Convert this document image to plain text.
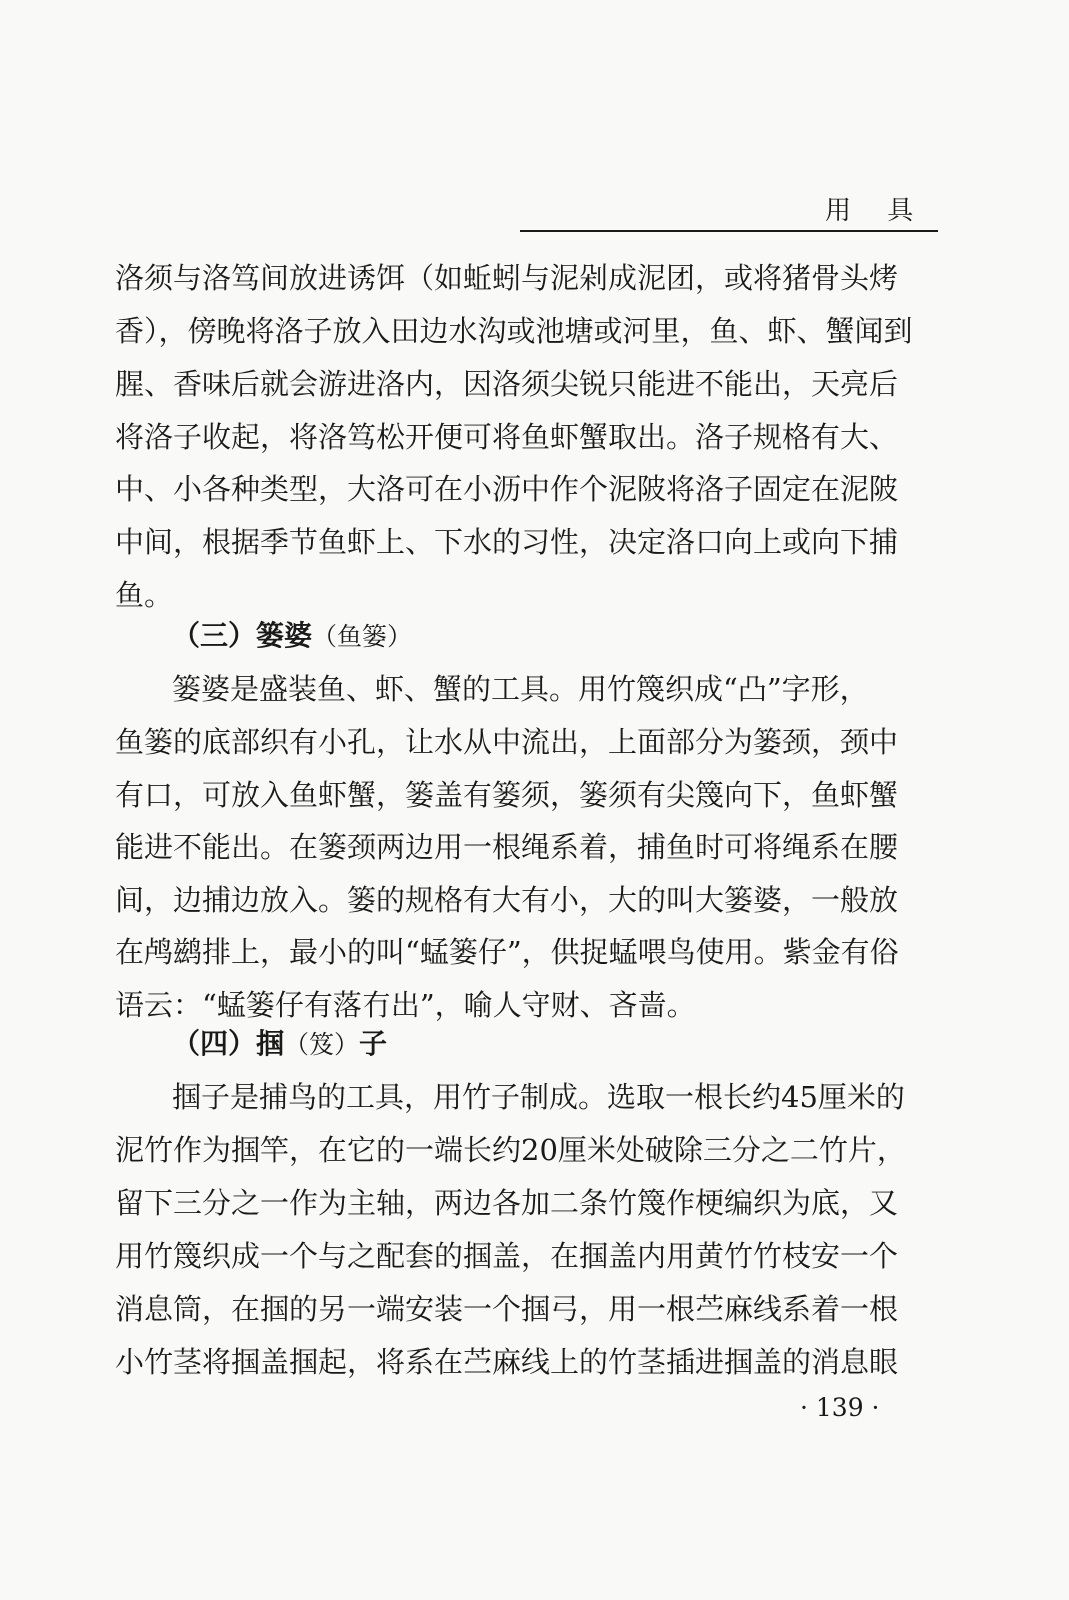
用 具
洛须与洛笃间放进诱饵（如蚯蚓与泥剁成泥团，或将猪骨头烤
香），傍晚将洛子放入田边水沟或池塘或河里，鱼、虾、蟹闻到
腥、香味后就会游进洛内，因洛须尖锐只能进不能出，天亮后
将洛子收起，将洛笃松开便可将鱼虾蟹取出。洛子规格有大、
中、小各种类型，大洛可在小沥中作个泥陂将洛子固定在泥陂
中间，根据季节鱼虾上、下水的习性，决定洛口向上或向下捕
鱼。
（三）篓婆（鱼篓）
篓婆是盛装鱼、虾、蟹的工具。用竹篾织成“凸”字形，
鱼篓的底部织有小孔，让水从中流出，上面部分为篓颈，颈中
有口，可放入鱼虾蟹，篓盖有篓须，篓须有尖篾向下，鱼虾蟹
能进不能出。在篓颈两边用一根绳系着，捕鱼时可将绳系在腰
间，边捕边放入。篓的规格有大有小，大的叫大篓婆，一般放
在鸬鹚排上，最小的叫“蜢篓仔”，供捉蜢喂鸟使用。紫金有俗
语云：“蜢篓仔有落冇出”，喻人守财、吝啬。
（四）掴（笈）子
掴子是捕鸟的工具，用竹子制成。选取一根长约45厘米的
泥竹作为掴竿，在它的一端长约20厘米处破除三分之二竹片，
留下三分之一作为主轴，两边各加二条竹篾作梗编织为底，又
用竹篾织成一个与之配套的掴盖，在掴盖内用黄竹竹枝安一个
消息筒，在掴的另一端安装一个掴弓，用一根苎麻线系着一根
小竹茎将掴盖掴起，将系在苎麻线上的竹茎插进掴盖的消息眼
· 139 ·
